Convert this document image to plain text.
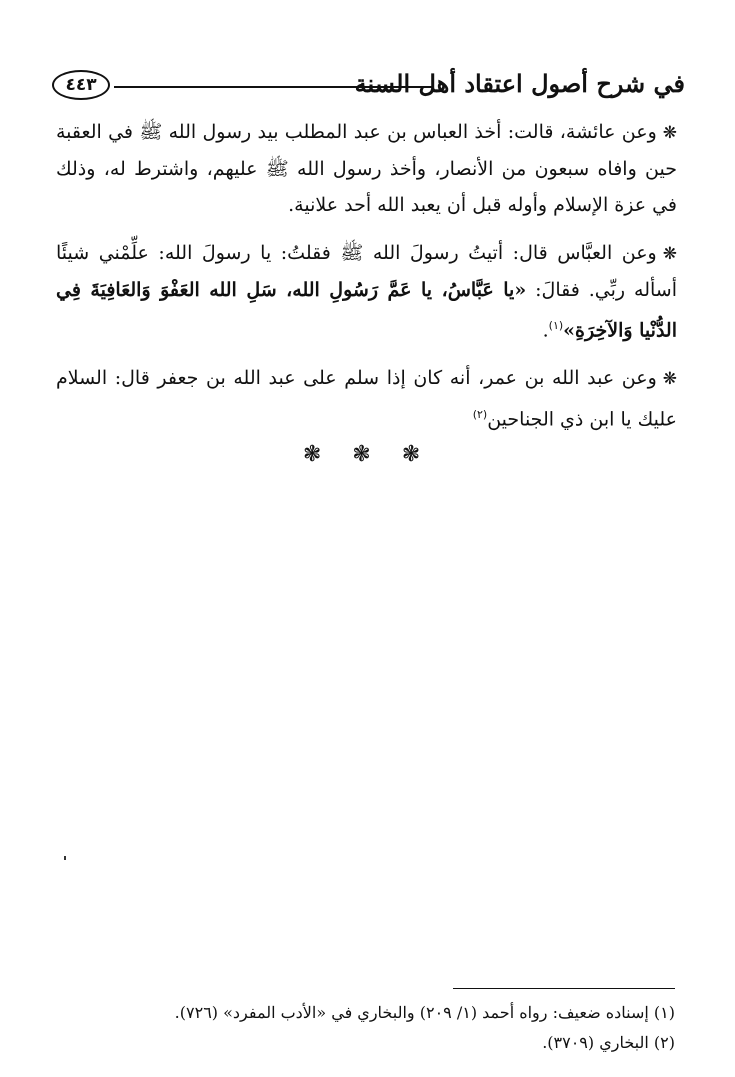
في شرح أصول اعتقاد أهل السنة
٤٤٣

❋وعن عائشة، قالت: أخذ العباس بن عبد المطلب بيد رسول الله ﷺ في العقبة حين وافاه سبعون من الأنصار، وأخذ رسول الله ﷺ عليهم، واشترط له، وذلك في عزة الإسلام وأوله قبل أن يعبد الله أحد علانية.

❋وعن العبَّاس قال: أتيتُ رسولَ الله ﷺ فقلتُ: يا رسولَ الله: علِّمْني شيئًا أسأله ربِّي. فقالَ: «يا عَبَّاسُ، يا عَمَّ رَسُولِ الله، سَلِ الله العَفْوَ وَالعَافِيَةَ فِي الدُّنْيا وَالآخِرَةِ»$^{(١)}$.

❋وعن عبد الله بن عمر، أنه كان إذا سلم على عبد الله بن جعفر قال: السلام عليك يا ابن ذي الجناحين$^{(٢)}$

❃ ❃ ❃

(١) إسناده ضعيف: رواه أحمد (١/ ٢٠٩) والبخاري في «الأدب المفرد» (٧٢٦).

(٢) البخاري (٣٧٠٩).
